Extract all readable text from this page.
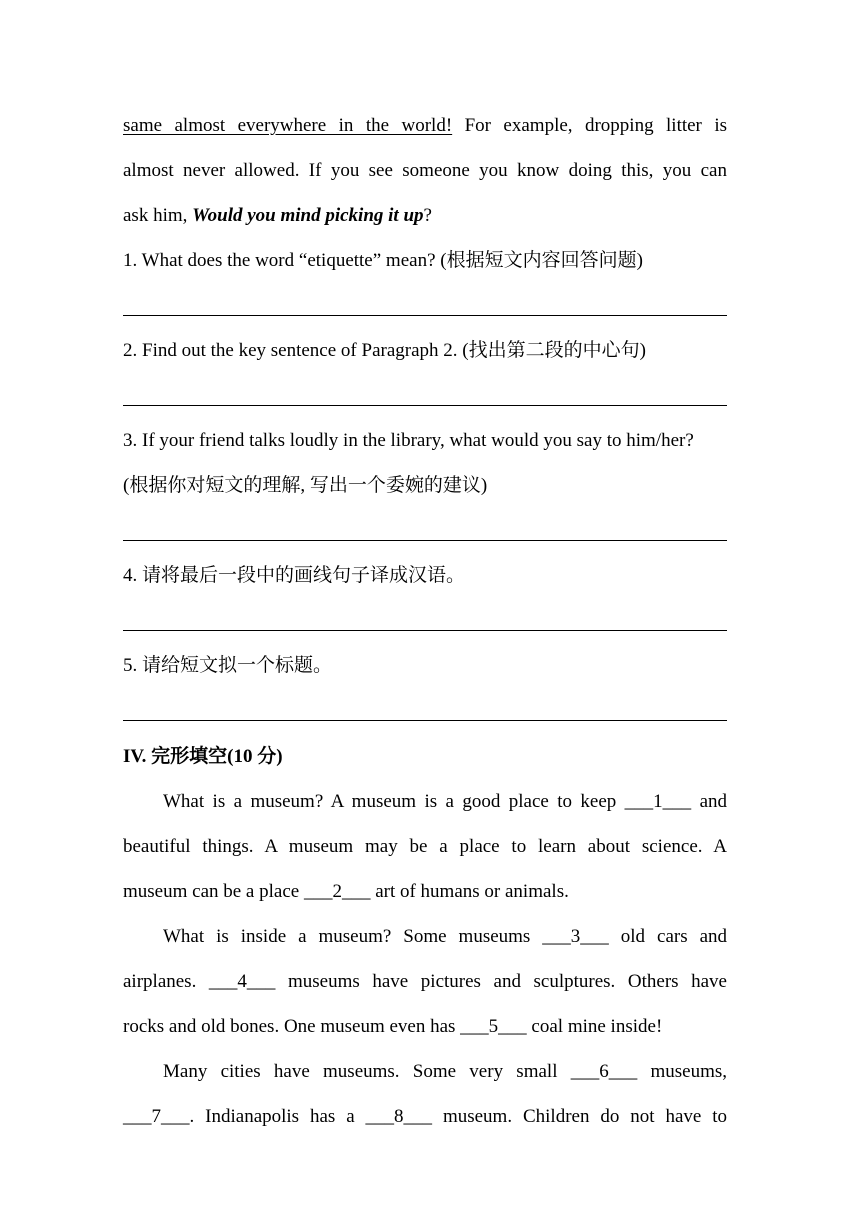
same almost everywhere in the world! For example, dropping litter is
almost never allowed. If you see someone you know doing this, you can
ask him, Would you mind picking it up?
1. What does the word “etiquette” mean? (根据短文内容回答问题)
2. Find out the key sentence of Paragraph 2. (找出第二段的中心句)
3. If your friend talks loudly in the library, what would you say to him/her?
(根据你对短文的理解, 写出一个委婉的建议)
4. 请将最后一段中的画线句子译成汉语。
5. 请给短文拟一个标题。
IV. 完形填空(10 分)
What is a museum? A museum is a good place to keep ___1___ and
beautiful things. A museum may be a place to learn about science. A
museum can be a place ___2___ art of humans or animals.
What is inside a museum? Some museums ___3___ old cars and
airplanes. ___4___ museums have pictures and sculptures. Others have
rocks and old bones. One museum even has ___5___ coal mine inside!
Many cities have museums. Some very small ___6___ museums,
___7___. Indianapolis has a ___8___ museum. Children do not have to
